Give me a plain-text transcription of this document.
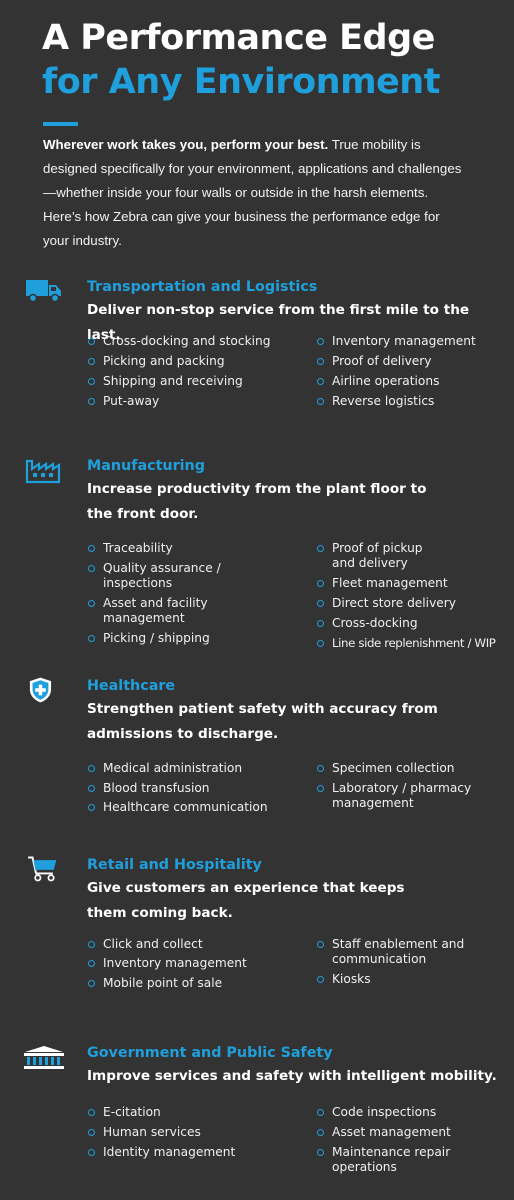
A Performance Edge
for Any Environment

Wherever work takes you, perform your best. True mobility is designed specifically for your environment, applications and challenges—whether inside your four walls or outside in the harsh elements. Here’s how Zebra can give your business the performance edge for your industry.

Transportation and Logistics
Deliver non-stop service from the first mile to the last.
Cross-docking and stocking
Picking and packing
Shipping and receiving
Put-away
Inventory management
Proof of delivery
Airline operations
Reverse logistics
Manufacturing
Increase productivity from the plant floor to
the front door.
Traceability
Quality assurance / inspections
Asset and facility management
Picking / shipping
Proof of pickup and delivery
Fleet management
Direct store delivery
Cross-docking
Line side replenishment / WIP
Healthcare
Strengthen patient safety with accuracy from
admissions to discharge.
Medical administration
Blood transfusion
Healthcare communication
Specimen collection
Laboratory / pharmacy management
Retail and Hospitality
Give customers an experience that keeps
them coming back.
Click and collect
Inventory management
Mobile point of sale
Staff enablement and communication
Kiosks
Government and Public Safety
Improve services and safety with intelligent mobility.
E-citation
Human services
Identity management
Code inspections
Asset management
Maintenance repair operations
